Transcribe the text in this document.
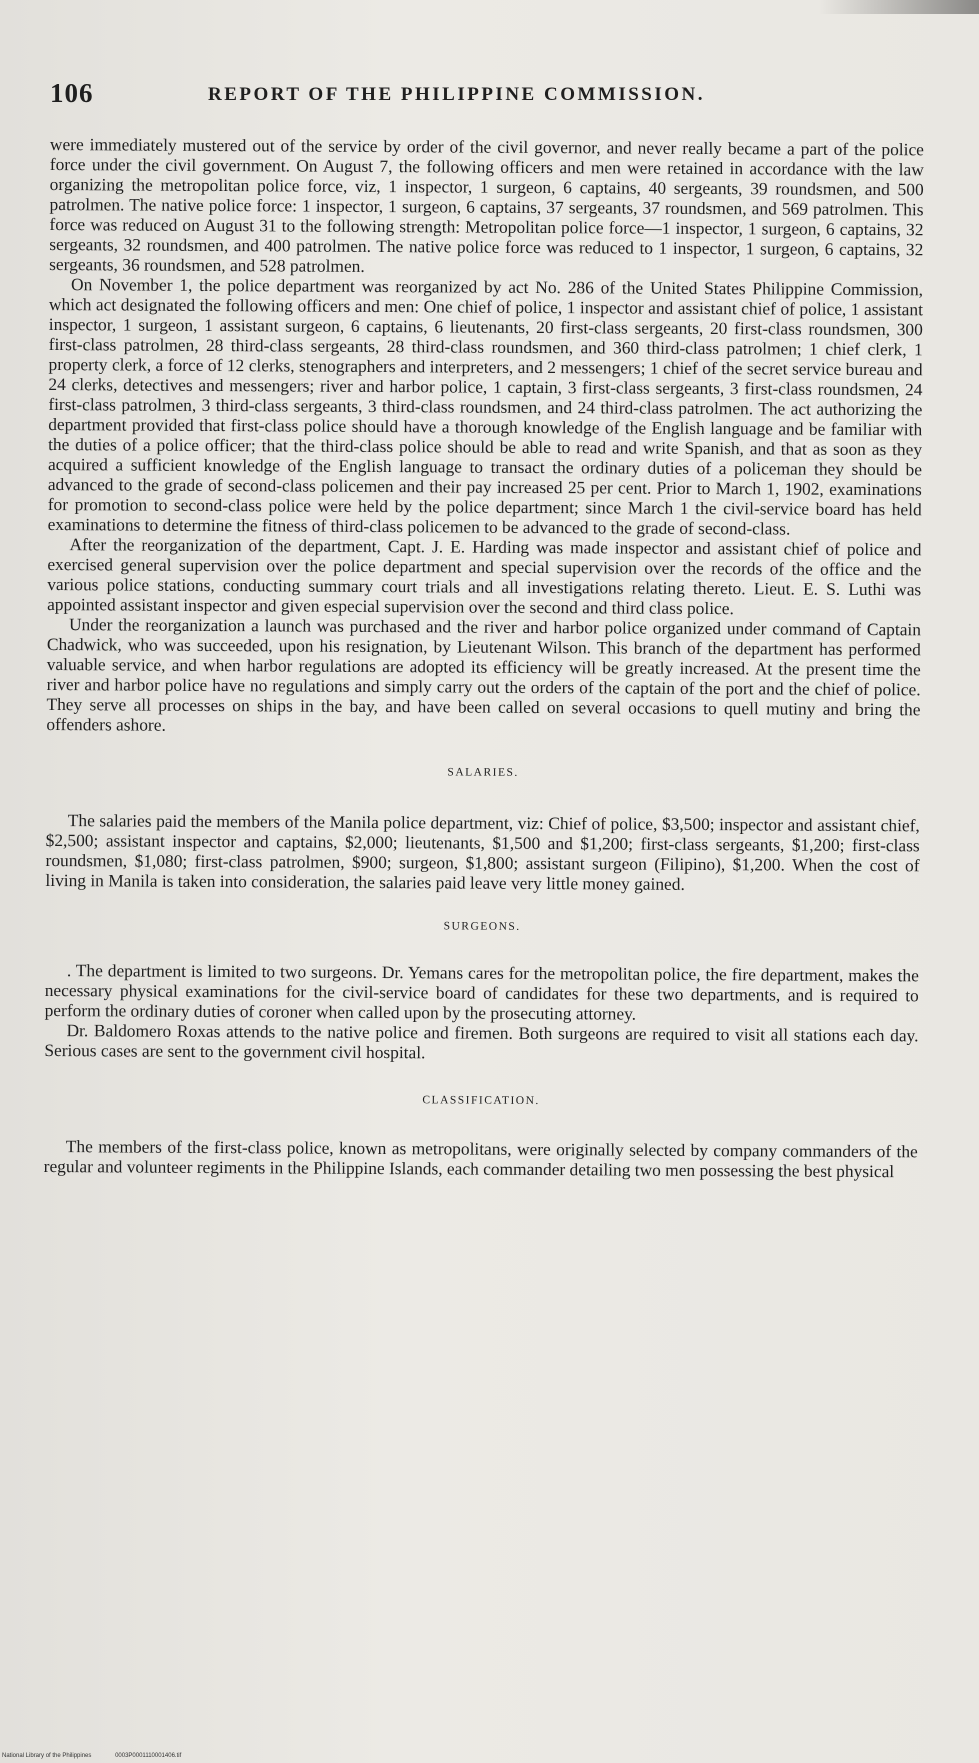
106	REPORT OF THE PHILIPPINE COMMISSION.

were immediately mustered out of the service by order of the civil governor, and never really became a part of the police force under the civil government. On August 7, the following officers and men were retained in accordance with the law organizing the metropolitan police force, viz, 1 inspector, 1 surgeon, 6 captains, 40 sergeants, 39 roundsmen, and 500 patrolmen. The native police force: 1 inspector, 1 surgeon, 6 captains, 37 sergeants, 37 roundsmen, and 569 patrolmen. This force was reduced on August 31 to the following strength: Metropolitan police force—1 inspector, 1 surgeon, 6 captains, 32 sergeants, 32 roundsmen, and 400 patrolmen. The native police force was reduced to 1 inspector, 1 surgeon, 6 captains, 32 sergeants, 36 roundsmen, and 528 patrolmen.

On November 1, the police department was reorganized by act No. 286 of the United States Philippine Commission, which act designated the following officers and men: One chief of police, 1 inspector and assistant chief of police, 1 assistant inspector, 1 surgeon, 1 assistant surgeon, 6 captains, 6 lieutenants, 20 first-class sergeants, 20 first-class roundsmen, 300 first-class patrolmen, 28 third-class sergeants, 28 third-class roundsmen, and 360 third-class patrolmen; 1 chief clerk, 1 property clerk, a force of 12 clerks, stenographers and interpreters, and 2 messengers; 1 chief of the secret service bureau and 24 clerks, detectives and messengers; river and harbor police, 1 captain, 3 first-class sergeants, 3 first-class roundsmen, 24 first-class patrolmen, 3 third-class sergeants, 3 third-class roundsmen, and 24 third-class patrolmen. The act authorizing the department provided that first-class police should have a thorough knowledge of the English language and be familiar with the duties of a police officer; that the third-class police should be able to read and write Spanish, and that as soon as they acquired a sufficient knowledge of the English language to transact the ordinary duties of a policeman they should be advanced to the grade of second-class policemen and their pay increased 25 per cent. Prior to March 1, 1902, examinations for promotion to second-class police were held by the police department; since March 1 the civil-service board has held examinations to determine the fitness of third-class policemen to be advanced to the grade of second-class.

After the reorganization of the department, Capt. J. E. Harding was made inspector and assistant chief of police and exercised general supervision over the police department and special supervision over the records of the office and the various police stations, conducting summary court trials and all investigations relating thereto. Lieut. E. S. Luthi was appointed assistant inspector and given especial supervision over the second and third class police.

Under the reorganization a launch was purchased and the river and harbor police organized under command of Captain Chadwick, who was succeeded, upon his resignation, by Lieutenant Wilson. This branch of the department has performed valuable service, and when harbor regulations are adopted its efficiency will be greatly increased. At the present time the river and harbor police have no regulations and simply carry out the orders of the captain of the port and the chief of police. They serve all processes on ships in the bay, and have been called on several occasions to quell mutiny and bring the offenders ashore.

SALARIES.

The salaries paid the members of the Manila police department, viz: Chief of police, $3,500; inspector and assistant chief, $2,500; assistant inspector and captains, $2,000; lieutenants, $1,500 and $1,200; first-class sergeants, $1,200; first-class roundsmen, $1,080; first-class patrolmen, $900; surgeon, $1,800; assistant surgeon (Filipino), $1,200. When the cost of living in Manila is taken into consideration, the salaries paid leave very little money gained.

SURGEONS.

. The department is limited to two surgeons. Dr. Yemans cares for the metropolitan police, the fire department, makes the necessary physical examinations for the civil-service board of candidates for these two departments, and is required to perform the ordinary duties of coroner when called upon by the prosecuting attorney.

Dr. Baldomero Roxas attends to the native police and firemen. Both surgeons are required to visit all stations each day. Serious cases are sent to the government civil hospital.

CLASSIFICATION.

The members of the first-class police, known as metropolitans, were originally selected by company commanders of the regular and volunteer regiments in the Philippine Islands, each commander detailing two men possessing the best physical

National Library of the Philippines	0003P0001110001406.tif
